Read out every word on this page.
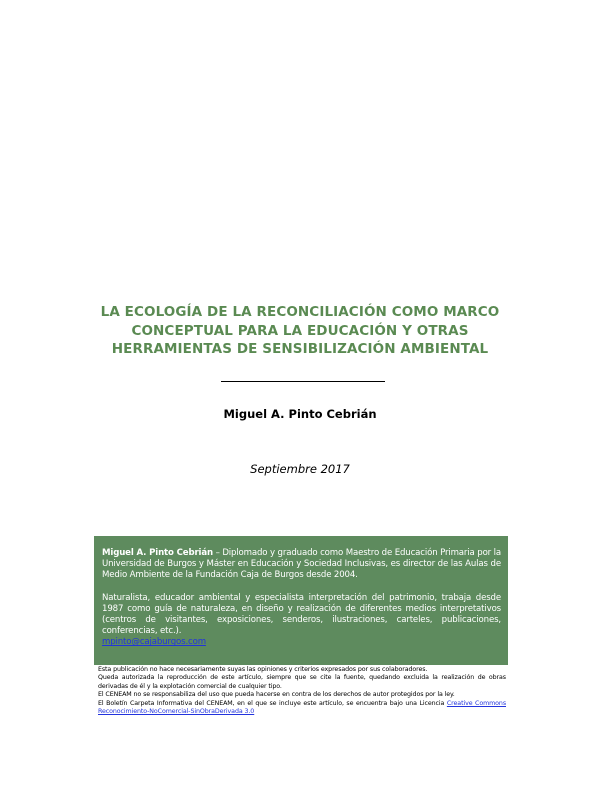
LA ECOLOGÍA DE LA RECONCILIACIÓN COMO MARCO
CONCEPTUAL PARA LA EDUCACIÓN Y OTRAS
HERRAMIENTAS DE SENSIBILIZACIÓN AMBIENTAL
Miguel A. Pinto Cebrián
Septiembre 2017

Miguel A. Pinto Cebrián – Diplomado y graduado como Maestro de Educación Primaria por la Universidad de Burgos y Máster en Educación y Sociedad Inclusivas, es director de las Aulas de Medio Ambiente de la Fundación Caja de Burgos desde 2004.

Naturalista, educador ambiental y especialista interpretación del patrimonio, trabaja desde 1987 como guía de naturaleza, en diseño y realización de diferentes medios interpretativos (centros de visitantes, exposiciones, senderos, ilustraciones, carteles, publicaciones, conferencias, etc.).
mpinto@cajaburgos.com

Esta publicación no hace necesariamente suyas las opiniones y criterios expresados por sus colaboradores.
Queda autorizada la reproducción de este artículo, siempre que se cite la fuente, quedando excluida la realización de obras derivadas de él y la explotación comercial de cualquier tipo.
El CENEAM no se responsabiliza del uso que pueda hacerse en contra de los derechos de autor protegidos por la ley.
El Boletín Carpeta Informativa del CENEAM, en el que se incluye este artículo, se encuentra bajo una Licencia Creative Commons Reconocimiento-NoComercial-SinObraDerivada 3.0
